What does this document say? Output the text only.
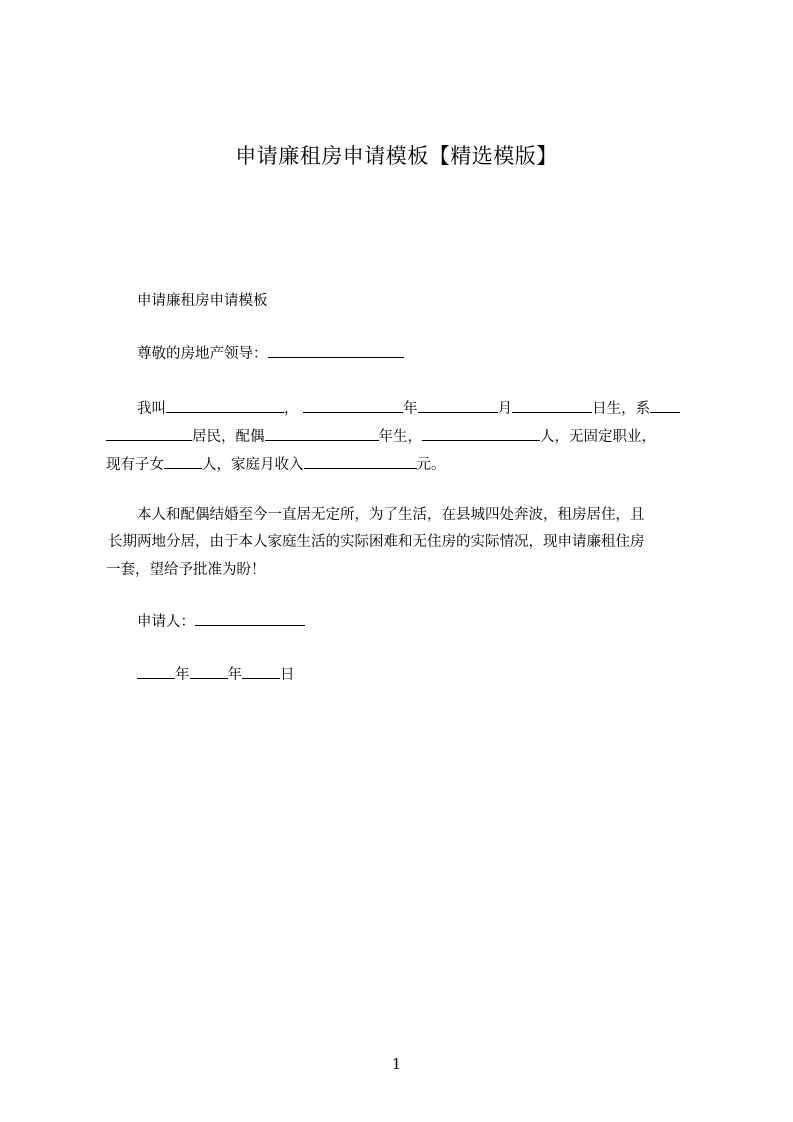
申请廉租房申请模板【精选模版】
申请廉租房申请模板
尊敬的房地产领导：
我叫	，	年	月	日生，系
居民，配偶	年生，	人，无固定职业，
现有子女	人，家庭月收入	元。
本人和配偶结婚至今一直居无定所，为了生活，在县城四处奔波，租房居住，且
长期两地分居，由于本人家庭生活的实际困难和无住房的实际情况，现申请廉租住房
一套，望给予批准为盼！
申请人：
年	年	日
1
